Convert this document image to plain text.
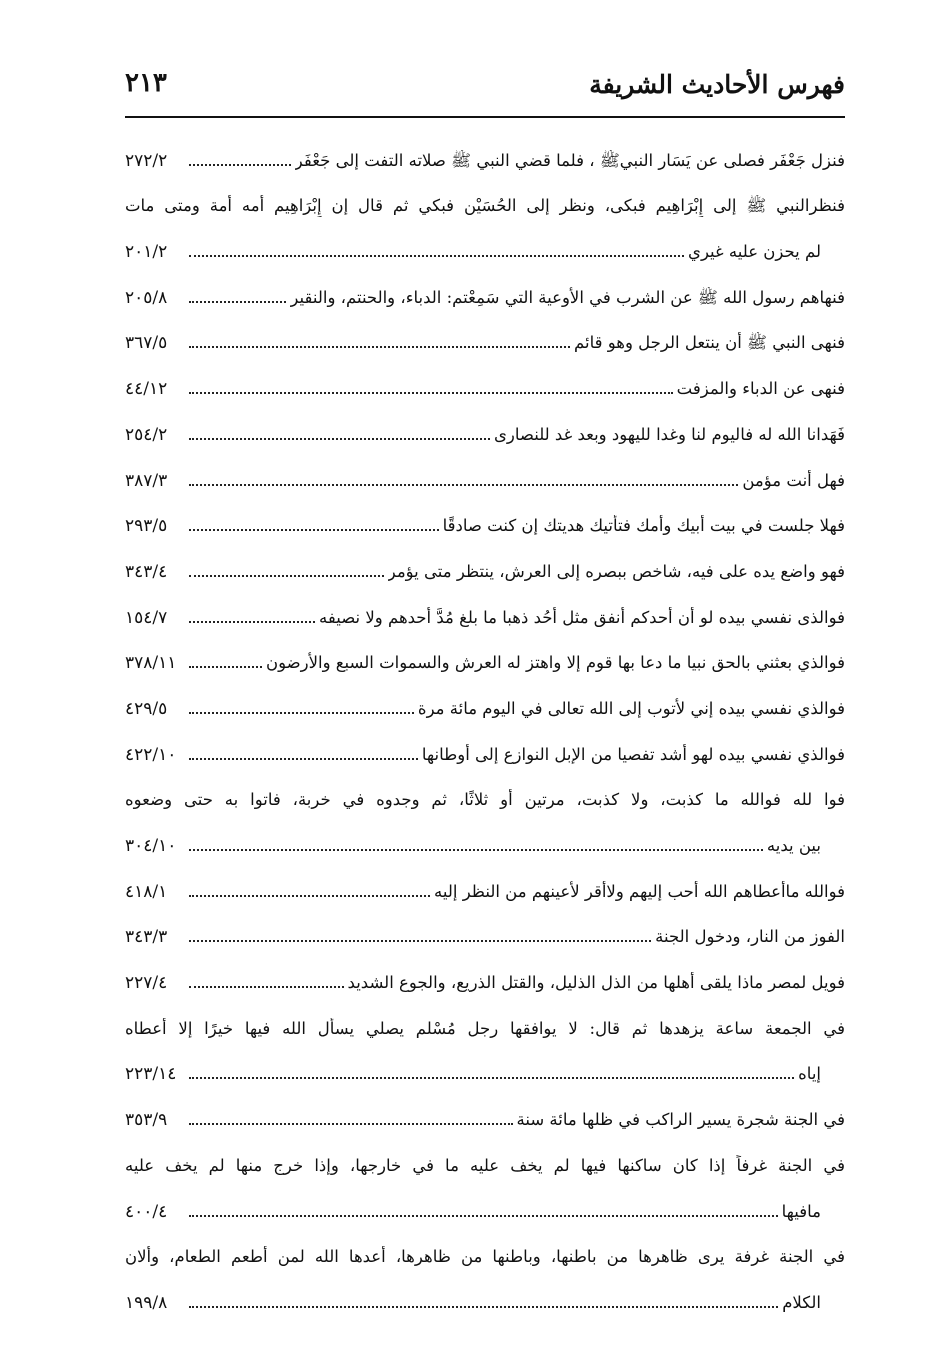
فهرس الأحاديث الشريفة
٢١٣
فنزل جَعْفَر فصلى عن يَسَار النبيﷺ ، فلما قضي النبي ﷺ صلاته التفت إلى جَعْفَر
٢٧٢/٢
فنظرالنبي ﷺ إلى إِبْرَاهِيم فبكى، ونظر إلى الحُسَيْن فبكي ثم قال إن إِبْرَاهِيم أمه أمة ومتى مات
لم يحزن عليه غيري
٢٠١/٢
فنهاهم رسول الله ﷺ عن الشرب في الأوعية التي سَمِعْتم: الدباء، والحنتم، والنقير
٢٠٥/٨
فنهى النبي ﷺ أن ينتعل الرجل وهو قائم
٣٦٧/٥
فنهى عن الدباء والمزفت
٤٤/١٢
فَهَدانا الله له فاليوم لنا وغدا لليهود وبعد غد للنصارى
٢٥٤/٢
فهل أنت مؤمن
٣٨٧/٣
فهلا جلست في بيت أبيك وأمك فتأتيك هديتك إن كنت صادقًا
٢٩٣/٥
فهو واضع يده على فيه، شاخص ببصره إلى العرش، ينتظر متى يؤمر
٣٤٣/٤
فوالذى نفسي بيده لو أن أحدكم أنفق مثل أحُد ذهبا ما بلغ مُدَّ أحدهم ولا نصيفه
١٥٤/٧
فوالذي بعثني بالحق نبيا ما دعا بها قوم إلا واهتز له العرش والسموات السبع والأرضون
٣٧٨/١١
فوالذي نفسي بيده إني لأتوب إلى الله تعالى في اليوم مائة مرة
٤٢٩/٥
فوالذي نفسي بيده لهو أشد تفصيا من الإبل النوازع إلى أوطانها
٤٢٢/١٠
فوا لله فوالله ما كذبت، ولا كذبت، مرتين أو ثلاثًا، ثم وجدوه في خربة، فاتوا به حتى وضعوه
بين يديه
٣٠٤/١٠
فوالله ماأعطاهم الله أحب إليهم ولاأقر لأعينهم من النظر إليه
٤١٨/١
الفوز من النار، ودخول الجنة
٣٤٣/٣
فويل لمصر ماذا يلقى أهلها من الذل الذليل، والقتل الذريع، والجوع الشديد
٢٢٧/٤
في الجمعة ساعة يزهدها ثم قال: لا يوافقها رجل مُسْلم يصلي يسأل الله فيها خيرًا إلا أعطاه
إياه
٢٢٣/١٤
في الجنة شجرة يسير الراكب في ظلها مائة سنة
٣٥٣/٩
في الجنة غرفاً إذا كان ساكنها فيها لم يخف عليه ما في خارجها، وإذا خرج منها لم يخف عليه
مافيها
٤٠٠/٤
في الجنة غرفة يرى ظاهرها من باطنها، وباطنها من ظاهرها، أعدها الله لمن أطعم الطعام، وألان
الكلام
١٩٩/٨
